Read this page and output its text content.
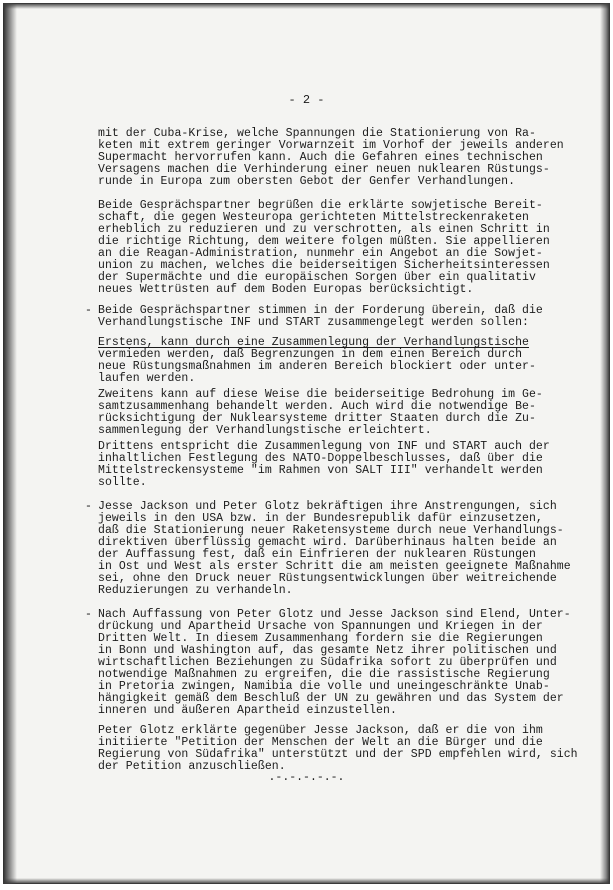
- 2 -
mit der Cuba-Krise, welche Spannungen die Stationierung von Ra-
keten mit extrem geringer Vorwarnzeit im Vorhof der jeweils anderen
Supermacht hervorrufen kann. Auch die Gefahren eines technischen
Versagens machen die Verhinderung einer neuen nuklearen Rüstungs-
runde in Europa zum obersten Gebot der Genfer Verhandlungen.
Beide Gesprächspartner begrüßen die erklärte sowjetische Bereit-
schaft, die gegen Westeuropa gerichteten Mittelstreckenraketen
erheblich zu reduzieren und zu verschrotten, als einen Schritt in
die richtige Richtung, dem weitere folgen müßten. Sie appellieren
an die Reagan-Administration, nunmehr ein Angebot an die Sowjet-
union zu machen, welches die beiderseitigen Sicherheitsinteressen
der Supermächte und die europäischen Sorgen über ein qualitativ
neues Wettrüsten auf dem Boden Europas berücksichtigt.
- Beide Gesprächspartner stimmen in der Forderung überein, daß die
Verhandlungstische INF und START zusammengelegt werden sollen:
Erstens, kann durch eine Zusammenlegung der Verhandlungstische
vermieden werden, daß Begrenzungen in dem einen Bereich durch
neue Rüstungsmaßnahmen im anderen Bereich blockiert oder unter-
laufen werden.
Zweitens kann auf diese Weise die beiderseitige Bedrohung im Ge-
samtzusammenhang behandelt werden. Auch wird die notwendige Be-
rücksichtigung der Nuklearsysteme dritter Staaten durch die Zu-
sammenlegung der Verhandlungstische erleichtert.
Drittens entspricht die Zusammenlegung von INF und START auch der
inhaltlichen Festlegung des NATO-Doppelbeschlusses, daß über die
Mittelstreckensysteme "im Rahmen von SALT III" verhandelt werden
sollte.
- Jesse Jackson und Peter Glotz bekräftigen ihre Anstrengungen, sich
jeweils in den USA bzw. in der Bundesrepublik dafür einzusetzen,
daß die Stationierung neuer Raketensysteme durch neue Verhandlungs-
direktiven überflüssig gemacht wird. Darüberhinaus halten beide an
der Auffassung fest, daß ein Einfrieren der nuklearen Rüstungen
in Ost und West als erster Schritt die am meisten geeignete Maßnahme
sei, ohne den Druck neuer Rüstungsentwicklungen über weitreichende
Reduzierungen zu verhandeln.
- Nach Auffassung von Peter Glotz und Jesse Jackson sind Elend, Unter-
drückung und Apartheid Ursache von Spannungen und Kriegen in der
Dritten Welt. In diesem Zusammenhang fordern sie die Regierungen
in Bonn und Washington auf, das gesamte Netz ihrer politischen und
wirtschaftlichen Beziehungen zu Südafrika sofort zu überprüfen und
notwendige Maßnahmen zu ergreifen, die die rassistische Regierung
in Pretoria zwingen, Namibia die volle und uneingeschränkte Unab-
hängigkeit gemäß dem Beschluß der UN zu gewähren und das System der
inneren und äußeren Apartheid einzustellen.
Peter Glotz erklärte gegenüber Jesse Jackson, daß er die von ihm
initiierte "Petition der Menschen der Welt an die Bürger und die
Regierung von Südafrika" unterstützt und der SPD empfehlen wird, sich
der Petition anzuschließen.
.-.-.-.-.-.
